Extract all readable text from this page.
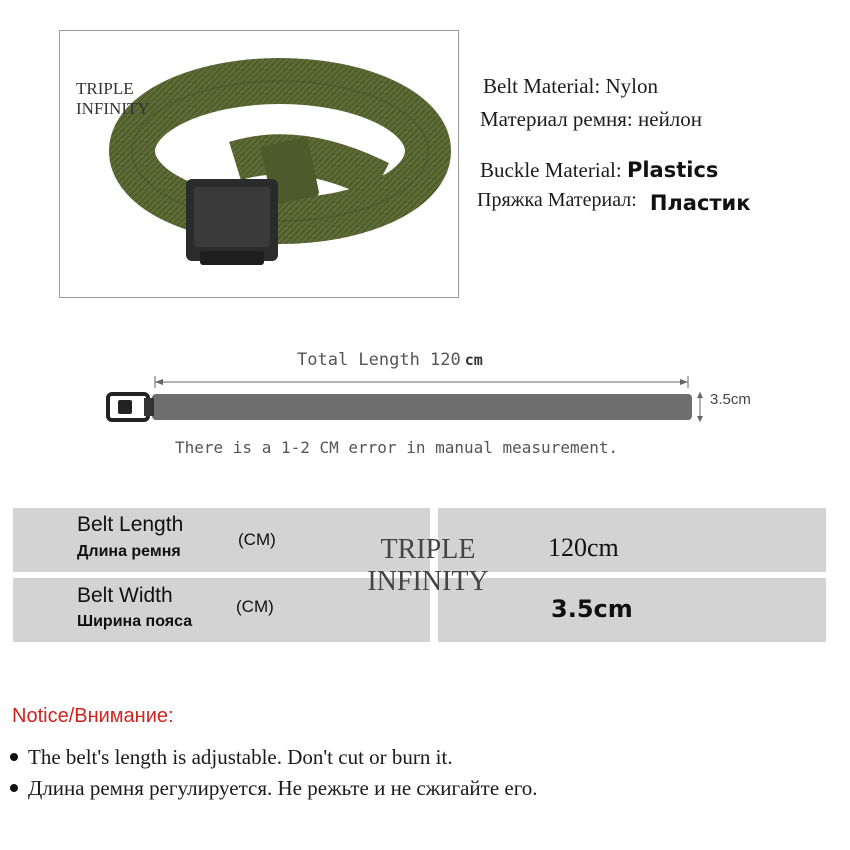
TRIPLE
INFINITY
Belt Material: Nylon
Материал ремня: нейлон
Buckle Material: Plastics
Пряжка Материал: Пластик
Total Length 120 cm
3.5cm
There is a 1-2 CM error in manual measurement.
Belt Length
Длина ремня
(CM)
Belt Width
Ширина пояса
(CM)
TRIPLE
INFINITY
120cm
3.5cm
Notice/Внимание:
The belt's length is adjustable. Don't cut or burn it.
Длина ремня регулируется. Не режьте и не сжигайте его.
